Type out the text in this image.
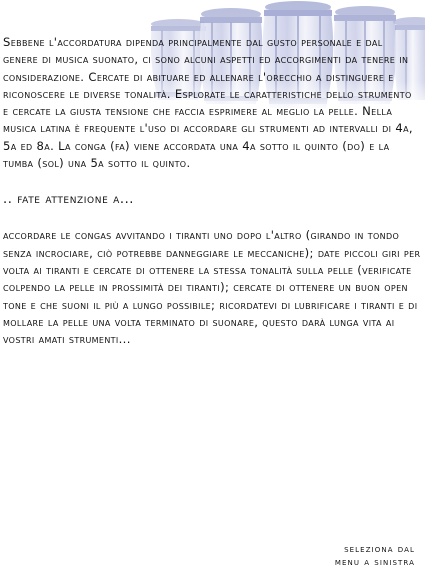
Sebbene l'accordatura dipenda principalmente dal gusto personale e dal genere di musica suonato, ci sono alcuni aspetti ed accorgimenti da tenere in considerazione. Cercate di abituare ed allenare l'orecchio a distinguere e riconoscere le diverse tonalità. Esplorate le caratteristiche dello strumento e cercate la giusta tensione che faccia esprimere al meglio la pelle. Nella musica latina è frequente l'uso di accordare gli strumenti ad intervalli di 4a, 5a ed 8a. La conga (fa) viene accordata una 4a sotto il quinto (do) e la tumba (sol) una 5a sotto il quinto.

.. fate attenzione a...

accordare le congas avvitando i tiranti uno dopo l'altro (girando in tondo senza incrociare, ciò potrebbe danneggiare le meccaniche); date piccoli giri per volta ai tiranti e cercate di ottenere la stessa tonalità sulla pelle (verificate colpendo la pelle in prossimità dei tiranti); cercate di ottenere un buon open tone e che suoni il più a lungo possibile; ricordatevi di lubrificare i tiranti e di mollare la pelle una volta terminato di suonare, questo darà lunga vita ai vostri amati strumenti...

seleziona dal
menu a sinistra
